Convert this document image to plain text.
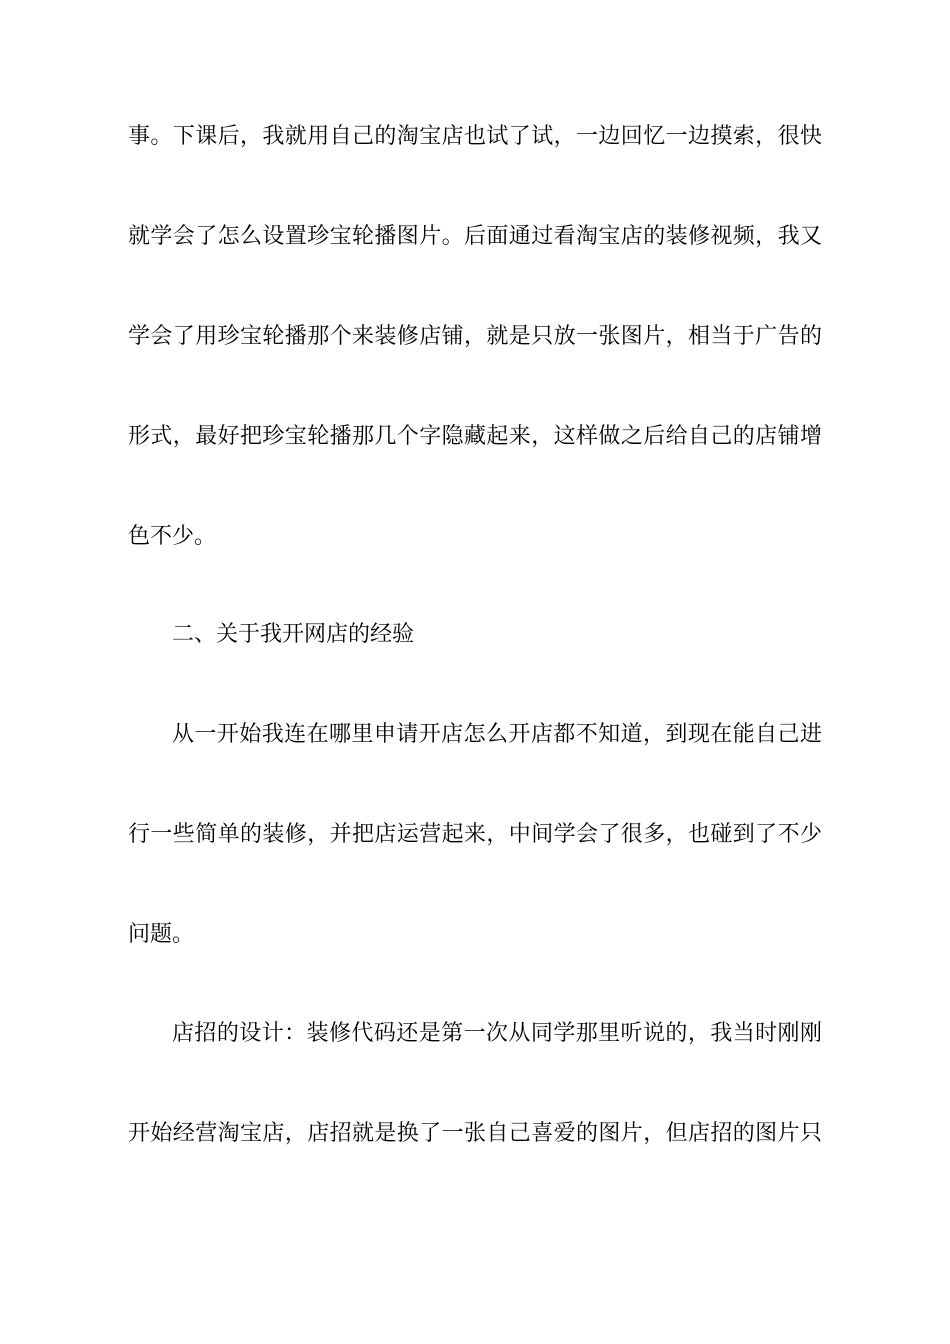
事。下课后，我就用自己的淘宝店也试了试，一边回忆一边摸索，很快
就学会了怎么设置珍宝轮播图片。后面通过看淘宝店的装修视频，我又
学会了用珍宝轮播那个来装修店铺，就是只放一张图片，相当于广告的
形式，最好把珍宝轮播那几个字隐藏起来，这样做之后给自己的店铺增
色不少。
二、关于我开网店的经验
从一开始我连在哪里申请开店怎么开店都不知道，到现在能自己进
行一些简单的装修，并把店运营起来，中间学会了很多，也碰到了不少
问题。
店招的设计：装修代码还是第一次从同学那里听说的，我当时刚刚
开始经营淘宝店，店招就是换了一张自己喜爱的图片，但店招的图片只
